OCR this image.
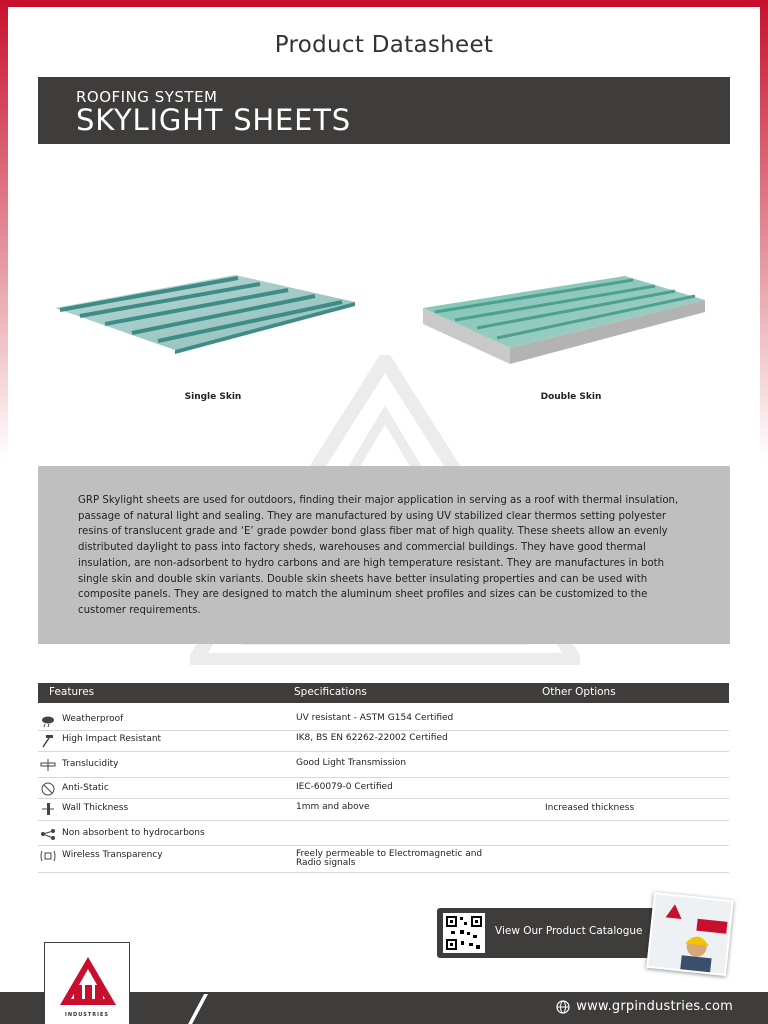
Product Datasheet
ROOFING SYSTEM
SKYLIGHT SHEETS
Single Skin	Double Skin

GRP Skylight sheets are used for outdoors, finding their major application in serving as a roof with thermal insulation, passage of natural light and sealing. They are manufactured by using UV stabilized clear thermos setting polyester resins of translucent grade and ‘E’ grade powder bond glass fiber mat of high quality. These sheets allow an evenly distributed daylight to pass into factory sheds, warehouses and commercial buildings. They have good thermal insulation, are non-adsorbent to hydro carbons and are high temperature resistant. They are manufactures in both single skin and double skin variants. Double skin sheets have better insulating properties and can be used with composite panels. They are designed to match the aluminum sheet profiles and sizes can be customized to the customer requirements.

Features	Specifications	Other Options
Weatherproof	UV resistant - ASTM G154 Certified
High Impact Resistant	IK8, BS EN 62262-22002 Certified
Translucidity	Good Light Transmission
Anti-Static	IEC-60079-0 Certified
Wall Thickness	1mm and above	Increased thickness
Non absorbent to hydrocarbons
Wireless Transparency	Freely permeable to Electromagnetic and Radio signals
View Our Product Catalogue
www.grpindustries.com
INDUSTRIES
